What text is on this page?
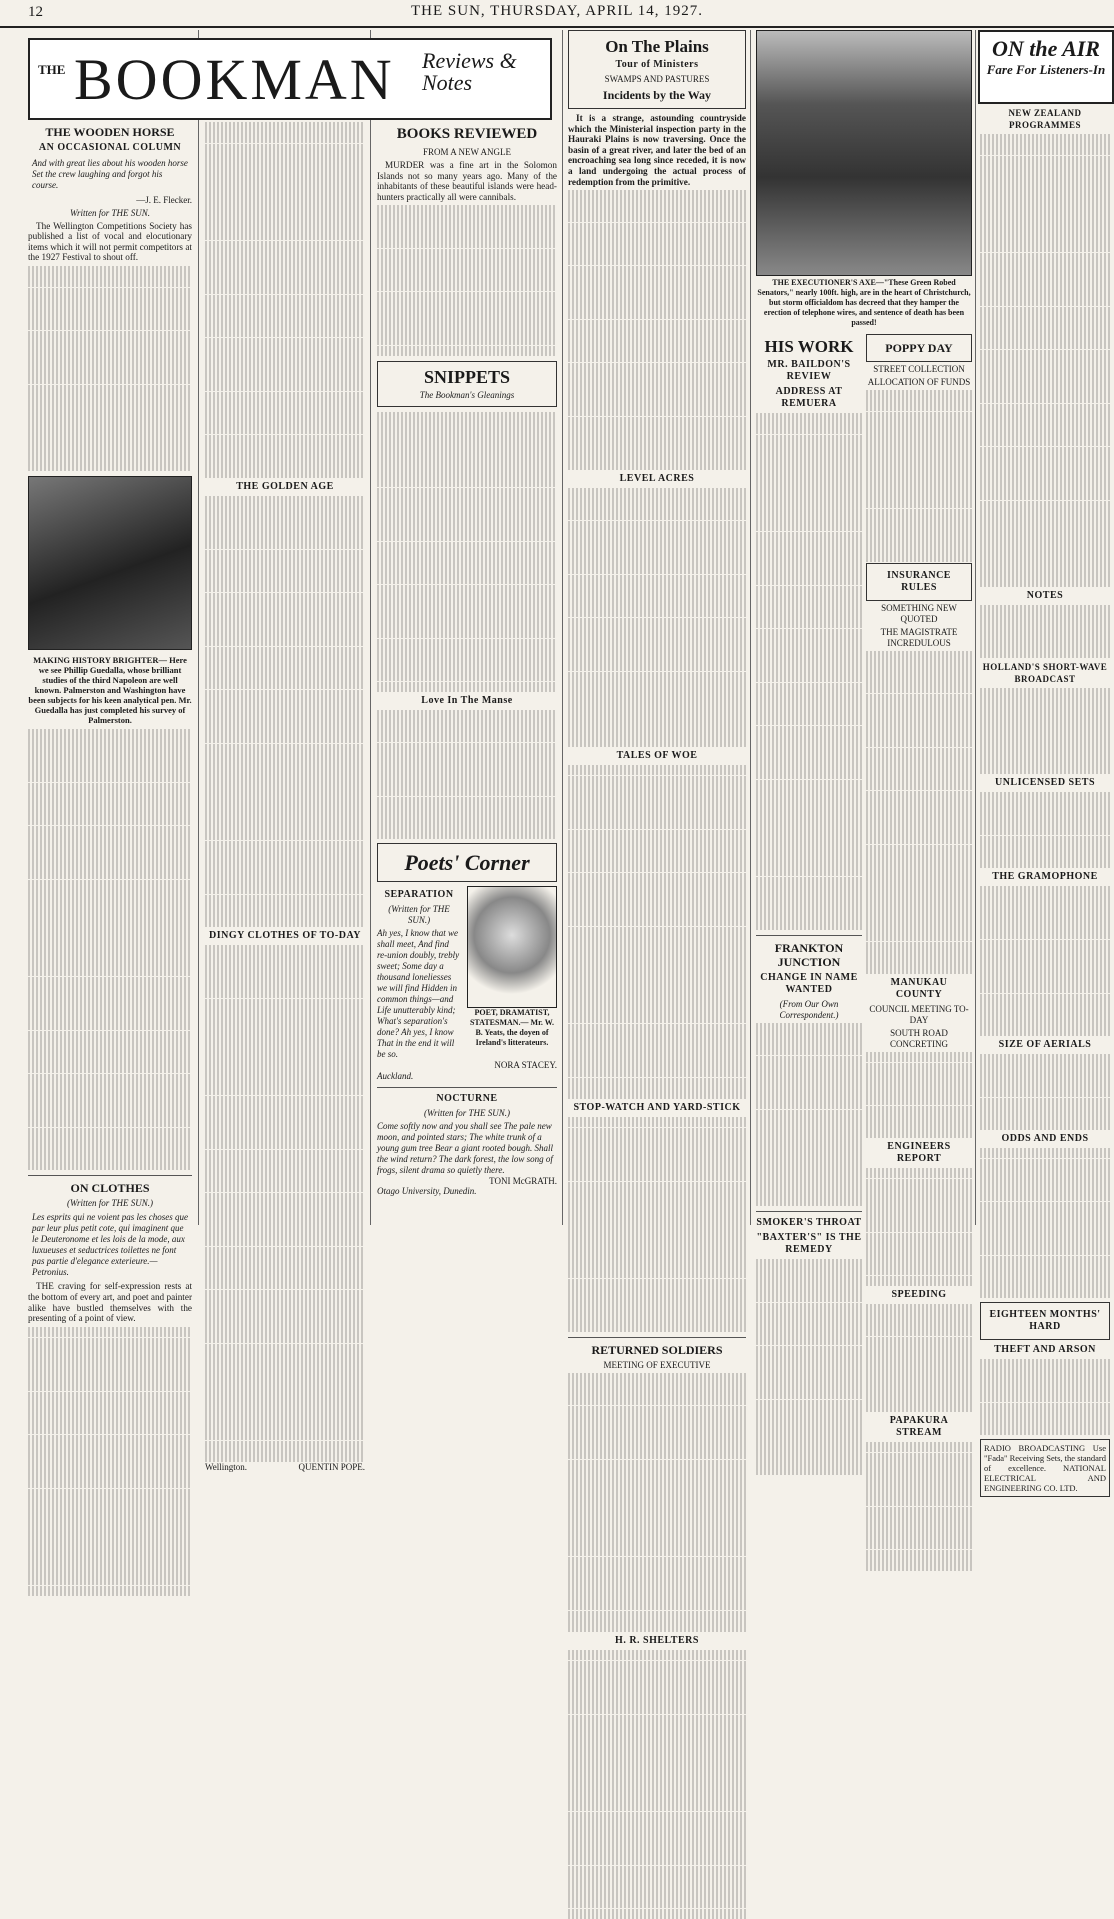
12	THE SUN, THURSDAY, APRIL 14, 1927.
THE BOOKMAN Reviews & Notes
THE WOODEN HORSE
AN OCCASIONAL COLUMN
And with great lies about his wooden horse Set the crew laughing and forgot his course.
—J. E. Flecker.
Written for THE SUN.

The Wellington Competitions Society has published a list of vocal and elocutionary items which it will not permit competitors at the 1927 Festival to shout off.

MAKING HISTORY BRIGHTER— Here we see Phillip Guedalla, whose brilliant studies of the third Napoleon are well known. Palmerston and Washington have been subjects for his keen analytical pen. Mr. Guedalla has just completed his survey of Palmerston.
ON CLOTHES
(Written for THE SUN.)

Les esprits qui ne voient pas les choses que par leur plus petit cote, qui imaginent que le Deuteronome et les lois de la mode, aux luxueuses et seductrices toilettes ne font pas partie d'elegance exterieure.— Petronius.

THE craving for self-expression rests at the bottom of every art, and poet and painter alike have bustled themselves with the presenting of a point of view.

THE GOLDEN AGE
DINGY CLOTHES OF TO-DAY
Wellington.	QUENTIN POPE.
BOOKS REVIEWED
FROM A NEW ANGLE

MURDER was a fine art in the Solomon Islands not so many years ago. Many of the inhabitants of these beautiful islands were head-hunters practically all were cannibals.

SNIPPETS
The Bookman's Gleanings
Love In The Manse
Poets' Corner
SEPARATION
(Written for THE SUN.)
Ah yes, I know that we shall meet, And find re-union doubly, trebly sweet; Some day a thousand loneliesses we will find Hidden in common things—and Life unutterably kind; What's separation's done? Ah yes, I know That in the end it will be so.
POET, DRAMATIST, STATESMAN.— Mr. W. B. Yeats, the doyen of Ireland's litterateurs.
NORA STACEY.
Auckland.
NOCTURNE
(Written for THE SUN.)
Come softly now and you shall see The pale new moon, and pointed stars; The white trunk of a young gum tree Bear a giant rooted bough. Shall the wind return? The dark forest, the low song of frogs, silent drama so quietly there.
TONI McGRATH.
Otago University, Dunedin.
On The Plains
Tour of Ministers
SWAMPS AND PASTURES
Incidents by the Way

It is a strange, astounding countryside which the Ministerial inspection party in the Hauraki Plains is now traversing. Once the basin of a great river, and later the bed of an encroaching sea long since receded, it is now a land undergoing the actual process of redemption from the primitive.

LEVEL ACRES
TALES OF WOE
STOP-WATCH AND YARD-STICK
RETURNED SOLDIERS
MEETING OF EXECUTIVE
H. R. SHELTERS
THE EXECUTIONER'S AXE—"These Green Robed Senators," nearly 100ft. high, are in the heart of Christchurch, but storm officialdom has decreed that they hamper the erection of telephone wires, and sentence of death has been passed!
HIS WORK
MR. BAILDON'S REVIEW
ADDRESS AT REMUERA
FRANKTON JUNCTION
CHANGE IN NAME WANTED
(From Our Own Correspondent.)
SMOKER'S THROAT
"BAXTER'S" IS THE REMEDY
POPPY DAY
STREET COLLECTION
ALLOCATION OF FUNDS
INSURANCE RULES
SOMETHING NEW QUOTED
THE MAGISTRATE INCREDULOUS
MANUKAU COUNTY
COUNCIL MEETING TO-DAY
SOUTH ROAD CONCRETING
ENGINEERS REPORT
SPEEDING
PAPAKURA STREAM
ON the AIR
Fare For Listeners-In
NEW ZEALAND PROGRAMMES
NOTES
HOLLAND'S SHORT-WAVE BROADCAST
UNLICENSED SETS
THE GRAMOPHONE
SIZE OF AERIALS
ODDS AND ENDS
EIGHTEEN MONTHS' HARD
THEFT AND ARSON
RADIO BROADCASTING Use "Fada" Receiving Sets, the standard of excellence. NATIONAL ELECTRICAL AND ENGINEERING CO. LTD.
